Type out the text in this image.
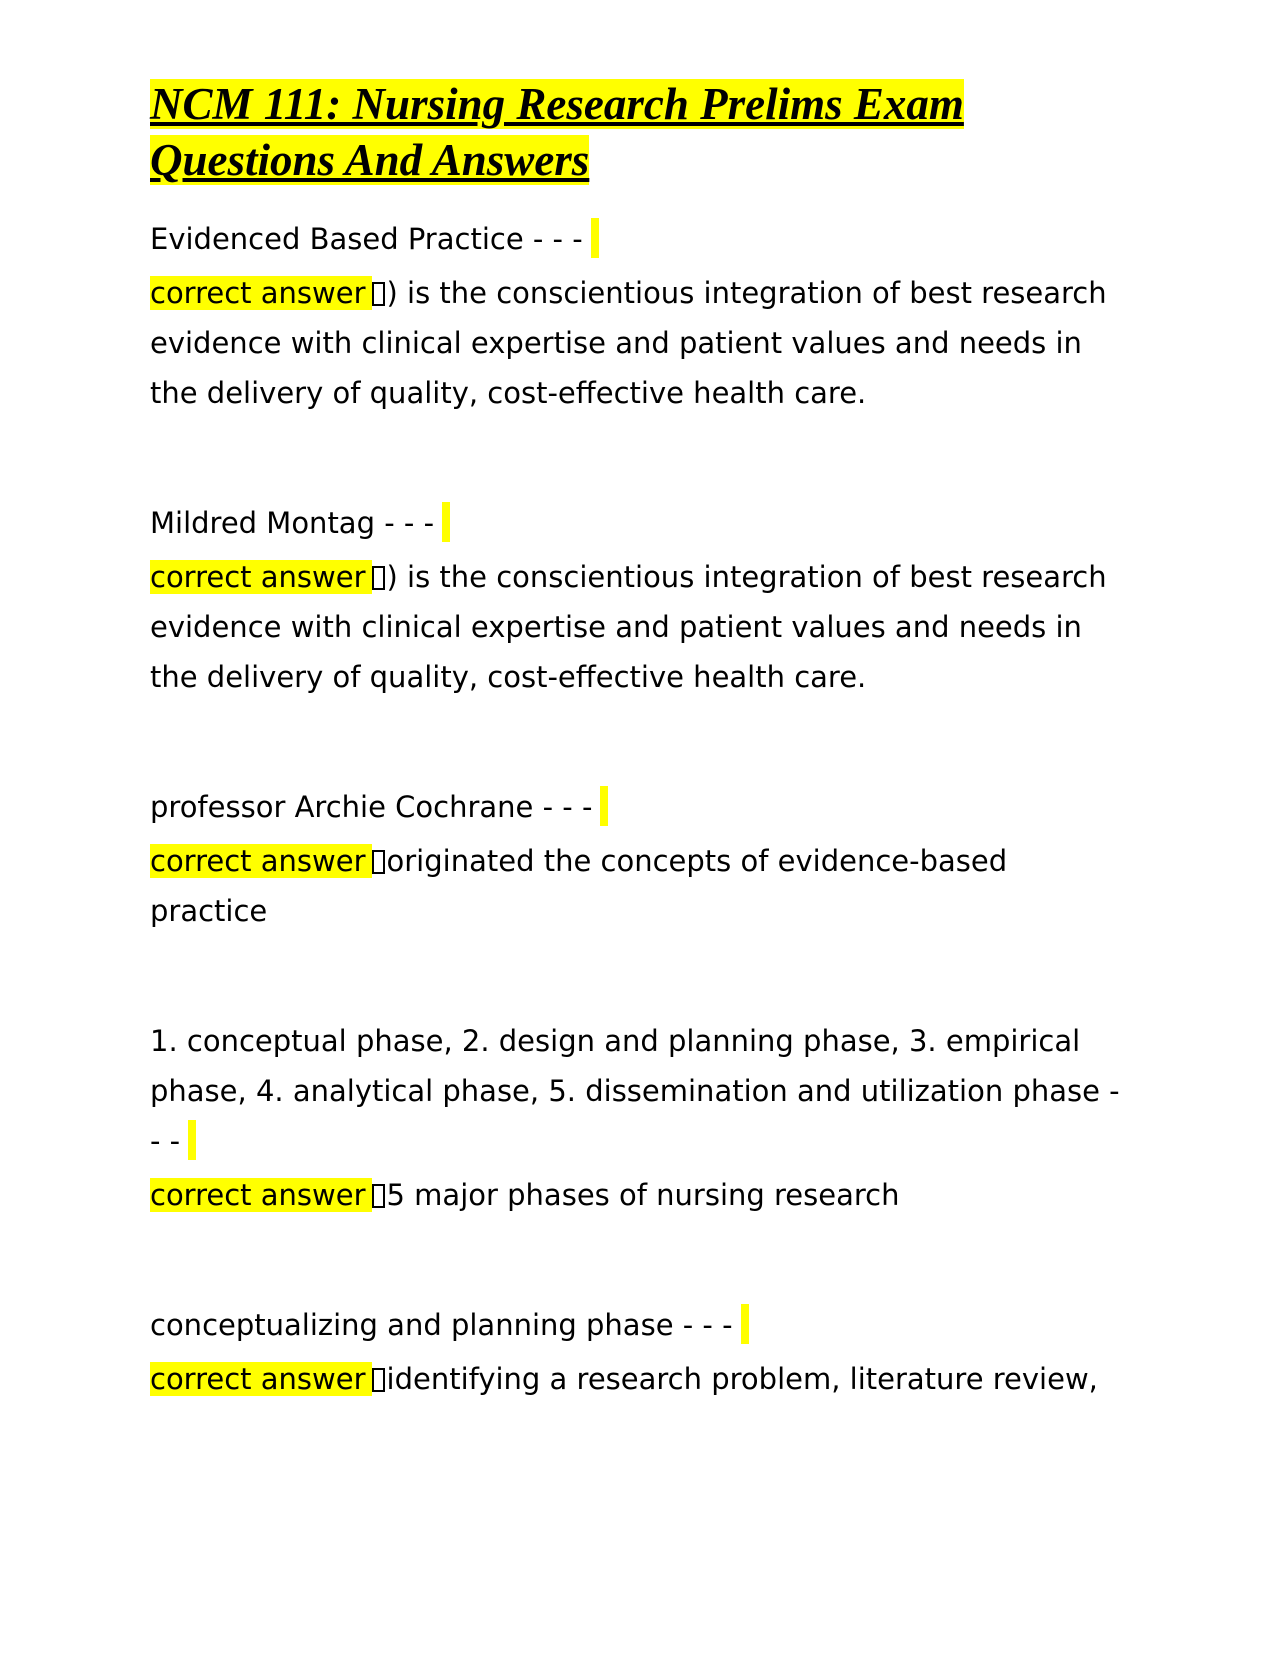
NCM 111: Nursing Research Prelims Exam
Questions And Answers

Evidenced Based Practice - - -

correct answer ) is the conscientious integration of best research evidence with clinical expertise and patient values and needs in the delivery of quality, cost-effective health care.

Mildred Montag - - -

correct answer ) is the conscientious integration of best research evidence with clinical expertise and patient values and needs in the delivery of quality, cost-effective health care.

professor Archie Cochrane - - -

correct answer originated the concepts of evidence-based practice

1. conceptual phase, 2. design and planning phase, 3. empirical phase, 4. analytical phase, 5. dissemination and utilization phase - - -

correct answer 5 major phases of nursing research

conceptualizing and planning phase - - -

correct answer identifying a research problem, literature review,
